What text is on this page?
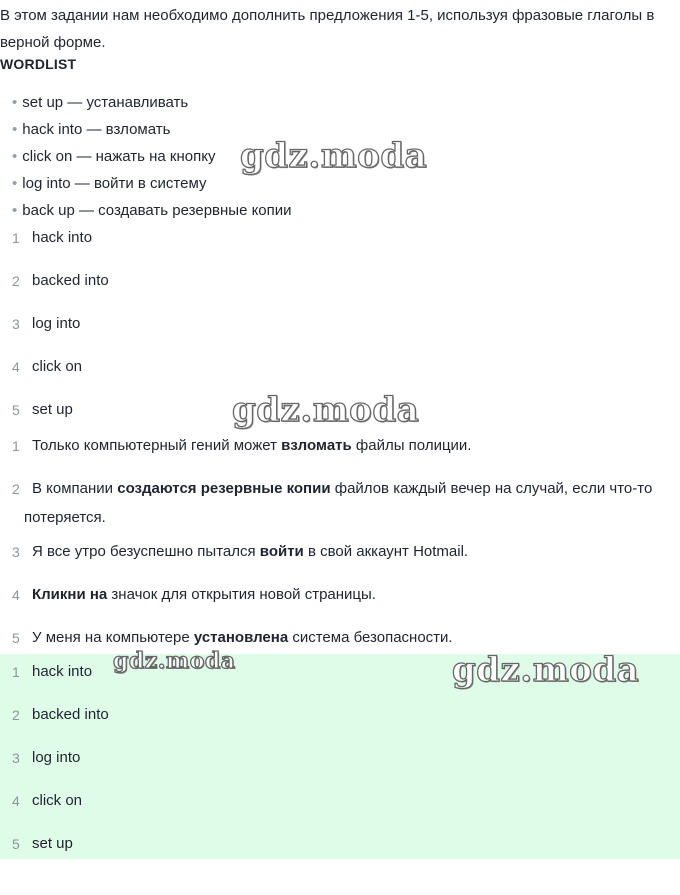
В этом задании нам необходимо дополнить предложения 1-5, используя фразовые глаголы в верной форме.
WORDLIST
• set up — устанавливать
• hack into — взломать
• click on — нажать на кнопку
• log into — войти в систему
• back up — создавать резервные копии
1 hack into
2 backed into
3 log into
4 click on
5 set up
1 Только компьютерный гений может взломать файлы полиции.
2 В компании создаются резервные копии файлов каждый вечер на случай, если что-то потеряется.
3 Я все утро безуспешно пытался войти в свой аккаунт Hotmail.
4 Кликни на значок для открытия новой страницы.
5 У меня на компьютере установлена система безопасности.
1 hack into
2 backed into
3 log into
4 click on
5 set up
gdz.moda
gdz.moda
gdz.moda	gdz.moda
